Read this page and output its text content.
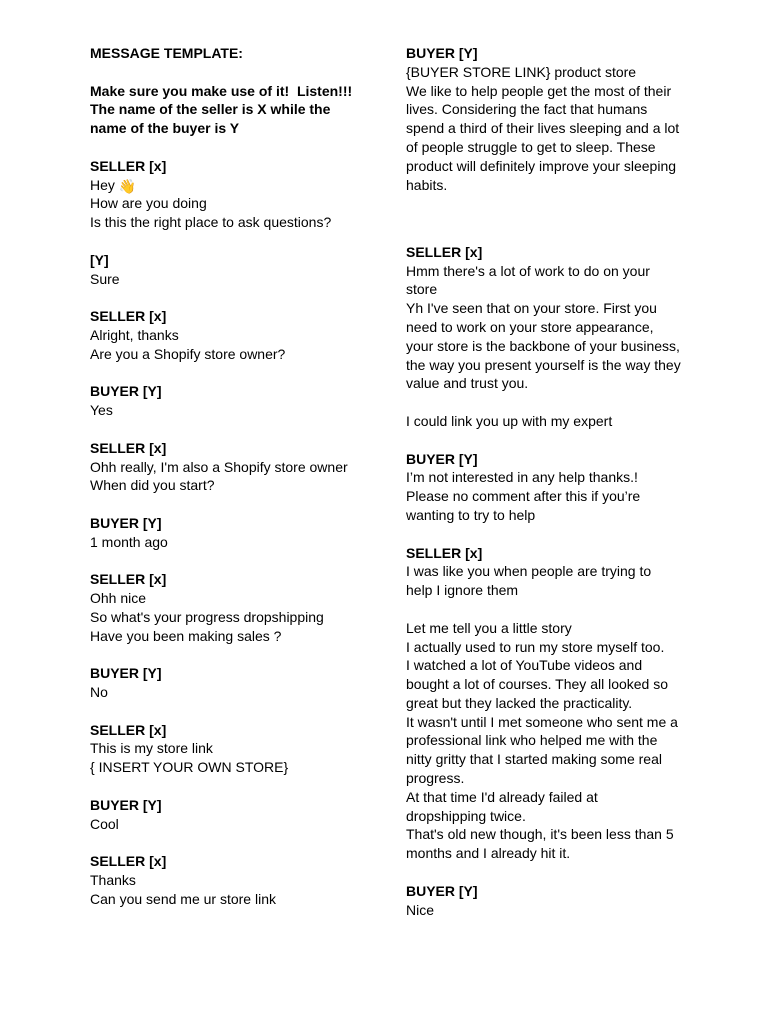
MESSAGE TEMPLATE:
Make sure you make use of it!  Listen!!!
The name of the seller is X while the
name of the buyer is Y
SELLER [x]
Hey 👋
How are you doing
Is this the right place to ask questions?
[Y]
Sure
SELLER [x]
Alright, thanks
Are you a Shopify store owner?
BUYER [Y]
Yes
SELLER [x]
Ohh really, I'm also a Shopify store owner
When did you start?
BUYER [Y]
1 month ago
SELLER [x]
Ohh nice
So what's your progress dropshipping
Have you been making sales ?
BUYER [Y]
No
SELLER [x]
This is my store link
{ INSERT YOUR OWN STORE}
BUYER [Y]
Cool
SELLER [x]
Thanks
Can you send me ur store link
BUYER [Y]
{BUYER STORE LINK} product store
We like to help people get the most of their
lives. Considering the fact that humans
spend a third of their lives sleeping and a lot
of people struggle to get to sleep. These
product will definitely improve your sleeping
habits.
SELLER [x]
Hmm there's a lot of work to do on your
store
Yh I've seen that on your store. First you
need to work on your store appearance,
your store is the backbone of your business,
the way you present yourself is the way they
value and trust you.
I could link you up with my expert
BUYER [Y]
I’m not interested in any help thanks.!
Please no comment after this if you’re
wanting to try to help
SELLER [x]
I was like you when people are trying to
help I ignore them
Let me tell you a little story
I actually used to run my store myself too.
I watched a lot of YouTube videos and
bought a lot of courses. They all looked so
great but they lacked the practicality.
It wasn't until I met someone who sent me a
professional link who helped me with the
nitty gritty that I started making some real
progress.
At that time I'd already failed at
dropshipping twice.
That's old new though, it's been less than 5
months and I already hit it.
BUYER [Y]
Nice
